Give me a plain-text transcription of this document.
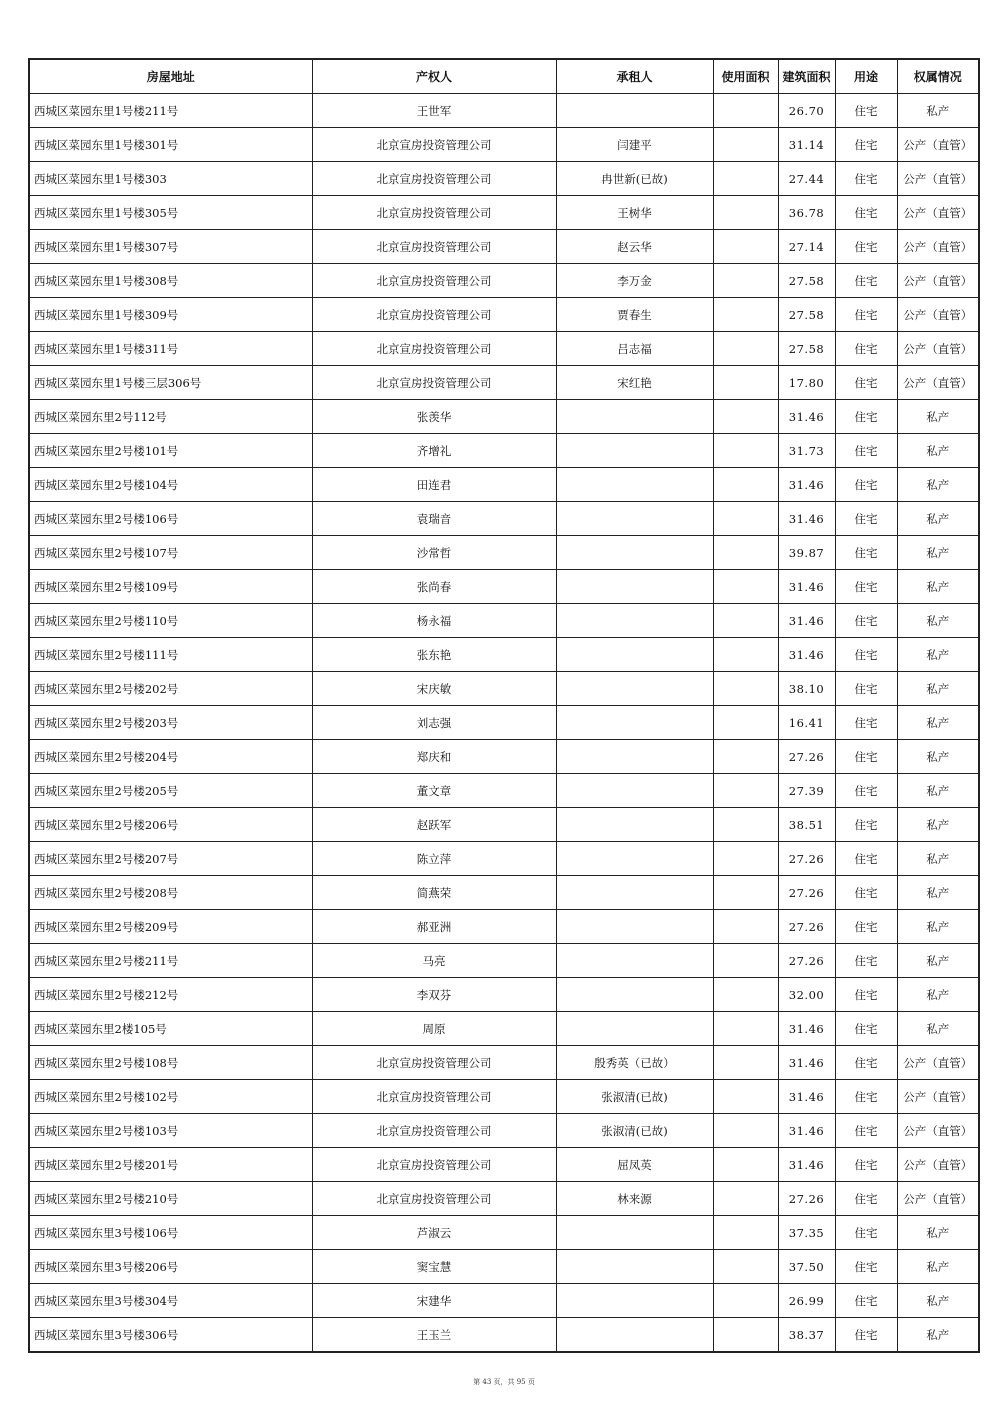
房屋地址	产权人	承租人	使用面积	建筑面积	用途	权属情况
西城区菜园东里1号楼211号	王世军			26.70	住宅	私产
西城区菜园东里1号楼301号	北京宣房投资管理公司	闫建平		31.14	住宅	公产（直管）
西城区菜园东里1号楼303	北京宣房投资管理公司	冉世新(已故)		27.44	住宅	公产（直管）
西城区菜园东里1号楼305号	北京宣房投资管理公司	王树华		36.78	住宅	公产（直管）
西城区菜园东里1号楼307号	北京宣房投资管理公司	赵云华		27.14	住宅	公产（直管）
西城区菜园东里1号楼308号	北京宣房投资管理公司	李万金		27.58	住宅	公产（直管）
西城区菜园东里1号楼309号	北京宣房投资管理公司	贾春生		27.58	住宅	公产（直管）
西城区菜园东里1号楼311号	北京宣房投资管理公司	吕志福		27.58	住宅	公产（直管）
西城区菜园东里1号楼三层306号	北京宣房投资管理公司	宋红艳		17.80	住宅	公产（直管）
西城区菜园东里2号112号	张羡华			31.46	住宅	私产
西城区菜园东里2号楼101号	齐增礼			31.73	住宅	私产
西城区菜园东里2号楼104号	田连君			31.46	住宅	私产
西城区菜园东里2号楼106号	袁瑞音			31.46	住宅	私产
西城区菜园东里2号楼107号	沙常哲			39.87	住宅	私产
西城区菜园东里2号楼109号	张尚春			31.46	住宅	私产
西城区菜园东里2号楼110号	杨永福			31.46	住宅	私产
西城区菜园东里2号楼111号	张东艳			31.46	住宅	私产
西城区菜园东里2号楼202号	宋庆敏			38.10	住宅	私产
西城区菜园东里2号楼203号	刘志强			16.41	住宅	私产
西城区菜园东里2号楼204号	郑庆和			27.26	住宅	私产
西城区菜园东里2号楼205号	董文章			27.39	住宅	私产
西城区菜园东里2号楼206号	赵跃军			38.51	住宅	私产
西城区菜园东里2号楼207号	陈立萍			27.26	住宅	私产
西城区菜园东里2号楼208号	简燕荣			27.26	住宅	私产
西城区菜园东里2号楼209号	郝亚洲			27.26	住宅	私产
西城区菜园东里2号楼211号	马亮			27.26	住宅	私产
西城区菜园东里2号楼212号	李双芬			32.00	住宅	私产
西城区菜园东里2楼105号	周原			31.46	住宅	私产
西城区菜园东里2号楼108号	北京宣房投资管理公司	殷秀英（已故）		31.46	住宅	公产（直管）
西城区菜园东里2号楼102号	北京宣房投资管理公司	张淑清(已故)		31.46	住宅	公产（直管）
西城区菜园东里2号楼103号	北京宣房投资管理公司	张淑清(已故)		31.46	住宅	公产（直管）
西城区菜园东里2号楼201号	北京宣房投资管理公司	屈凤英		31.46	住宅	公产（直管）
西城区菜园东里2号楼210号	北京宣房投资管理公司	林来源		27.26	住宅	公产（直管）
西城区菜园东里3号楼106号	芦淑云			37.35	住宅	私产
西城区菜园东里3号楼206号	窦宝慧			37.50	住宅	私产
西城区菜园东里3号楼304号	宋建华			26.99	住宅	私产
西城区菜园东里3号楼306号	王玉兰			38.37	住宅	私产
第 43 页，共 95 页
